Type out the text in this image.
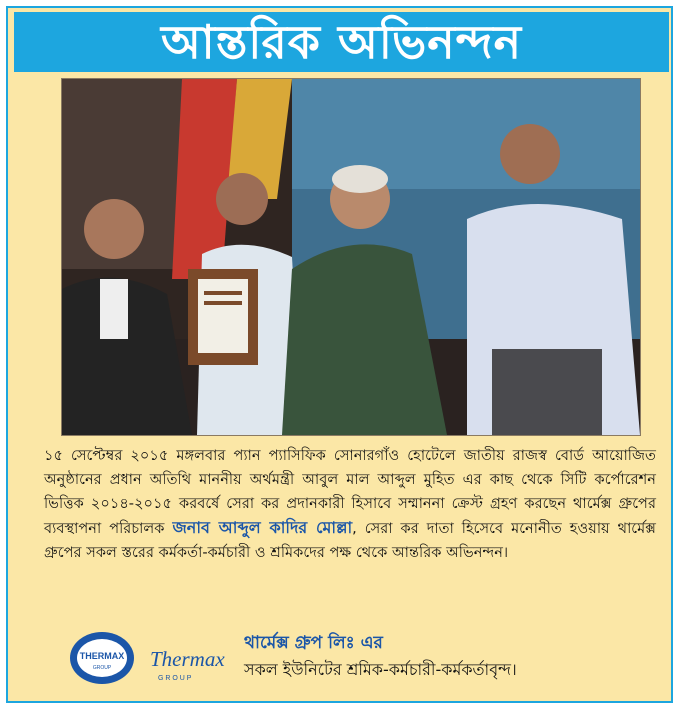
আন্তরিক অভিনন্দন
১৫ সেপ্টেম্বর ২০১৫ মঙ্গলবার প্যান প্যাসিফিক সোনারগাঁও হোটেলে জাতীয় রাজস্ব বোর্ড আয়োজিত অনুষ্ঠানের প্রধান অতিথি মাননীয় অর্থমন্ত্রী আবুল মাল আব্দুল মুহিত এর কাছ থেকে সিটি কর্পোরেশন ভিত্তিক ২০১৪-২০১৫ করবর্ষে সেরা কর প্রদানকারী হিসাবে সম্মাননা ক্রেস্ট গ্রহণ করছেন থার্মেক্স গ্রুপের ব্যবস্থাপনা পরিচালক জনাব আব্দুল কাদির মোল্লা, সেরা কর দাতা হিসেবে মনোনীত হওয়ায় থার্মেক্স গ্রুপের সকল স্তরের কর্মকর্তা-কর্মচারী ও শ্রমিকদের পক্ষ থেকে আন্তরিক অভিনন্দন।
THERMAX
GROUP Thermax
G R O U P
থার্মেক্স গ্রুপ লিঃ এর
সকল ইউনিটের শ্রমিক-কর্মচারী-কর্মকর্তাবৃন্দ।
